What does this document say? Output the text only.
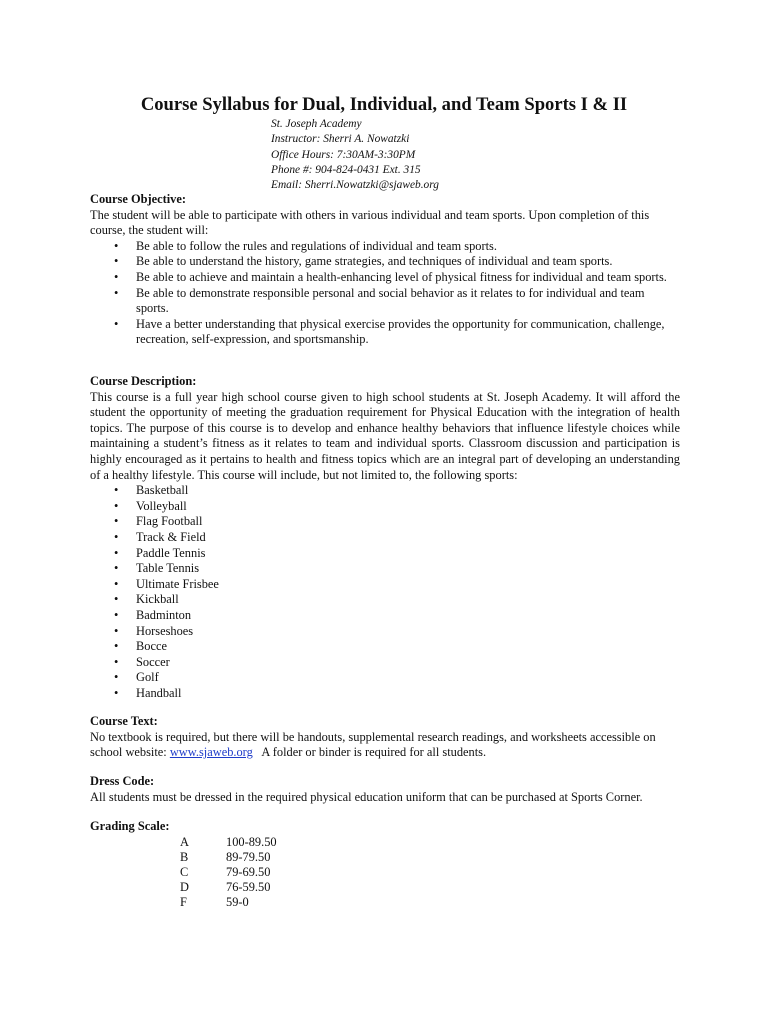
Course Syllabus for Dual, Individual, and Team Sports I & II
St. Joseph Academy
Instructor: Sherri A. Nowatzki
Office Hours: 7:30AM-3:30PM
Phone #: 904-824-0431 Ext. 315
Email: Sherri.Nowatzki@sjaweb.org
Course Objective:

The student will be able to participate with others in various individual and team sports. Upon completion of this course, the student will:

• Be able to follow the rules and regulations of individual and team sports.
• Be able to understand the history, game strategies, and techniques of individual and team sports.
• Be able to achieve and maintain a health-enhancing level of physical fitness for individual and team sports.
• Be able to demonstrate responsible personal and social behavior as it relates to for individual and team sports.
• Have a better understanding that physical exercise provides the opportunity for communication, challenge, recreation, self-expression, and sportsmanship.
Course Description:

This course is a full year high school course given to high school students at St. Joseph Academy. It will afford the student the opportunity of meeting the graduation requirement for Physical Education with the integration of health topics. The purpose of this course is to develop and enhance healthy behaviors that influence lifestyle choices while maintaining a student’s fitness as it relates to team and individual sports. Classroom discussion and participation is highly encouraged as it pertains to health and fitness topics which are an integral part of developing an understanding of a healthy lifestyle. This course will include, but not limited to, the following sports:

• Basketball
• Volleyball
• Flag Football
• Track & Field
• Paddle Tennis
• Table Tennis
• Ultimate Frisbee
• Kickball
• Badminton
• Horseshoes
• Bocce
• Soccer
• Golf
• Handball
Course Text:

No textbook is required, but there will be handouts, supplemental research readings, and worksheets accessible on school website: www.sjaweb.org   A folder or binder is required for all students.

Dress Code:

All students must be dressed in the required physical education uniform that can be purchased at Sports Corner.

Grading Scale:
A	100-89.50
B	89-79.50
C	79-69.50
D	76-59.50
F	59-0
